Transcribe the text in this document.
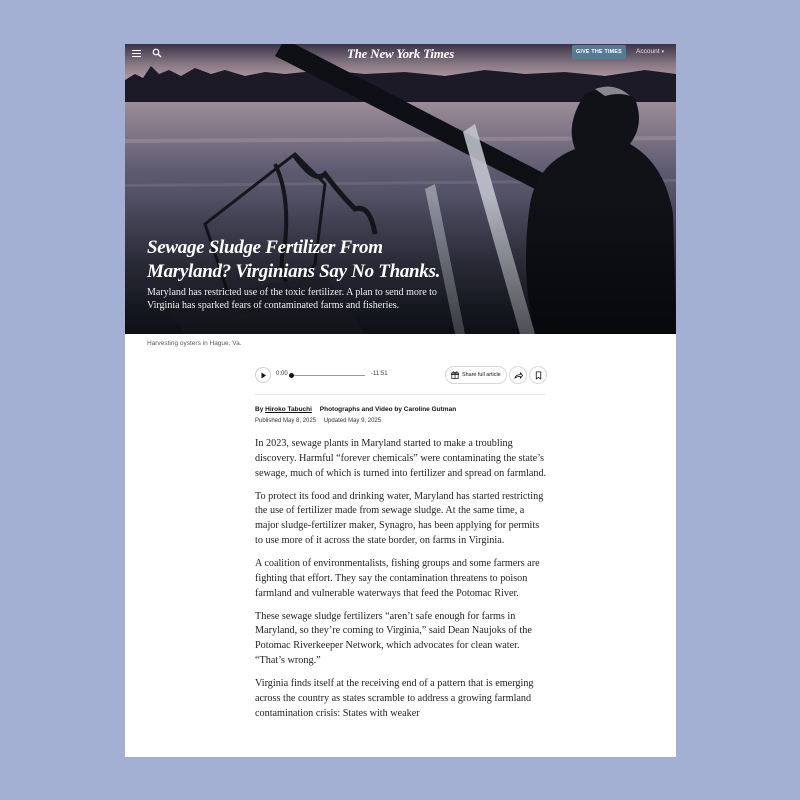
The New York Times	GIVE THE TIMES	Account ▾
Sewage Sludge Fertilizer From
Maryland? Virginians Say No Thanks.
Maryland has restricted use of the toxic fertilizer. A plan to send more to Virginia has sparked fears of contaminated farms and fisheries.
Harvesting oysters in Hague, Va.
0:00	-11:51	Share full article
By Hiroko Tabuchi Photographs and Video by Caroline Gutman
Published May 8, 2025 Updated May 9, 2025

In 2023, sewage plants in Maryland started to make a troubling discovery. Harmful “forever chemicals” were contaminating the state’s sewage, much of which is turned into fertilizer and spread on farmland.

To protect its food and drinking water, Maryland has started restricting the use of fertilizer made from sewage sludge. At the same time, a major sludge-fertilizer maker, Synagro, has been applying for permits to use more of it across the state border, on farms in Virginia.

A coalition of environmentalists, fishing groups and some farmers are fighting that effort. They say the contamination threatens to poison farmland and vulnerable waterways that feed the Potomac River.

These sewage sludge fertilizers “aren’t safe enough for farms in Maryland, so they’re coming to Virginia,” said Dean Naujoks of the Potomac Riverkeeper Network, which advocates for clean water. “That’s wrong.”

Virginia finds itself at the receiving end of a pattern that is emerging across the country as states scramble to address a growing farmland contamination crisis: States with weaker
